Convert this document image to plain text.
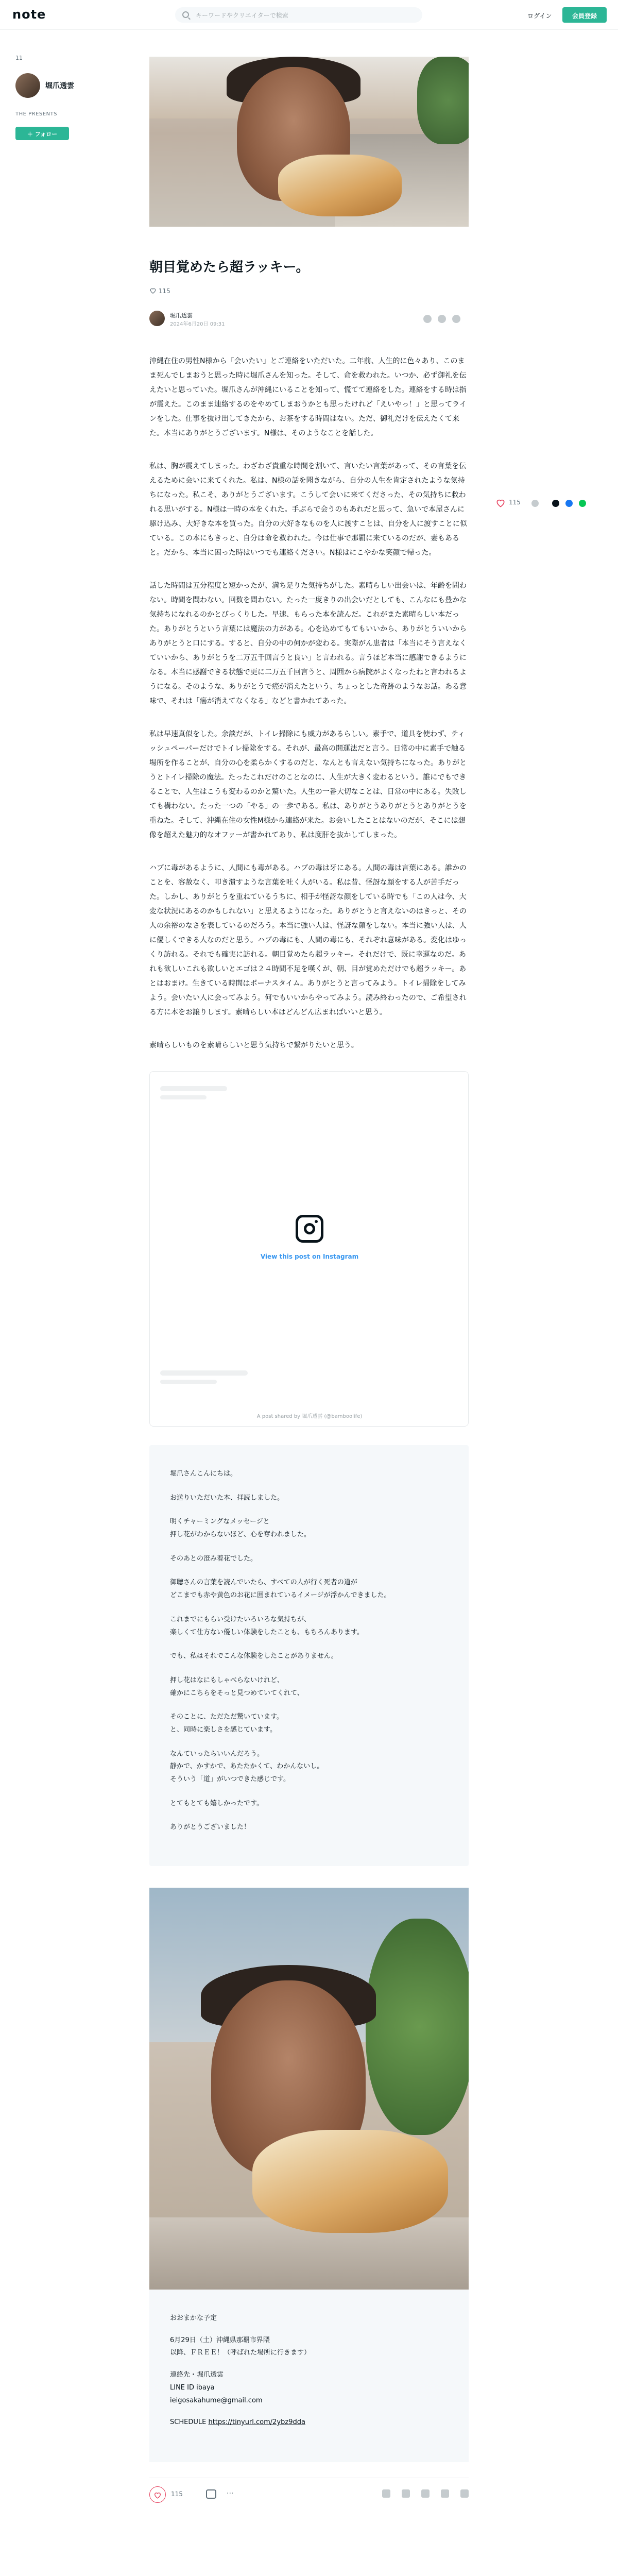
note	キーワードやクリエイターで検索	ログイン	会員登録
11
堀爪透雲
THE PRESENTS
＋ フォロー
115
朝目覚めたら超ラッキー。
115
堀爪透雲
2024年6月20日 09:31

沖縄在住の男性N様から「会いたい」とご連絡をいただいた。二年前、人生的に色々あり、このまま死んでしまおうと思った時に堀爪さんを知った。そして、命を救われた。いつか、必ず御礼を伝えたいと思っていた。堀爪さんが沖縄にいることを知って、慌てて連絡をした。連絡をする時は指が震えた。このまま連絡するのをやめてしまおうかとも思ったけれど「えいやっ！」と思ってラインをした。仕事を抜け出してきたから、お茶をする時間はない。ただ、御礼だけを伝えたくて来た。本当にありがとうございます。N様は、そのようなことを話した。

私は、胸が震えてしまった。わざわざ貴重な時間を割いて、言いたい言葉があって、その言葉を伝えるために会いに来てくれた。私は、N様の話を聞きながら、自分の人生を肯定されたような気持ちになった。私こそ、ありがとうございます。こうして会いに来てくださった、その気持ちに救われる思いがする。N様は一時の本をくれた。手ぶらで会うのもあれだと思って、急いで本屋さんに駆け込み、大好きな本を買った。自分の大好きなものを人に渡すことは、自分を人に渡すことに似ている。この本にもきっと、自分は命を救われた。今は仕事で那覇に来ているのだが、妻もあると。だから、本当に困った時はいつでも連絡ください。N様はにこやかな笑顔で帰った。

話した時間は五分程度と短かったが、満ち足りた気持ちがした。素晴らしい出会いは、年齢を問わない。時間を問わない。回数を問わない。たった一度きりの出会いだとしても、こんなにも豊かな気持ちになれるのかとびっくりした。早速、もらった本を読んだ。これがまた素晴らしい本だった。ありがとうという言葉には魔法の力がある。心を込めてもてもいいから、ありがとういいからありがとうと口にする。すると、自分の中の何かが変わる。実際がん患者は「本当にそう言えなくていいから、ありがとうを二万五千回言うと良い」と言われる。言うほど本当に感謝できるようになる。本当に感謝できる状態で更に二万五千回言うと、周囲から病院がよくなったねと言われるようになる。そのような、ありがとうで癌が消えたという、ちょっとした奇跡のようなお話。ある意味で、それは「癌が消えてなくなる」などと書かれてあった。

私は早速真似をした。余談だが、トイレ掃除にも威力があるらしい。素手で、道具を使わず、ティッシュペーパーだけでトイレ掃除をする。それが、最高の開運法だと言う。日常の中に素手で触る場所を作ることが、自分の心を柔らかくするのだと、なんとも言えない気持ちになった。ありがとうとトイレ掃除の魔法。たったこれだけのことなのに、人生が大きく変わるという。誰にでもできることで、人生はこうも変わるのかと驚いた。人生の一番大切なことは、日常の中にある。失敗しても構わない。たった一つの「やる」の一歩である。私は、ありがとうありがとうとありがとうを重ねた。そして、沖縄在住の女性M様から連絡が来た。お会いしたことはないのだが、そこには想像を超えた魅力的なオファーが書かれてあり、私は度肝を抜かしてしまった。

ハブに毒があるように、人間にも毒がある。ハブの毒は牙にある。人間の毒は言葉にある。誰かのことを、容赦なく、叩き潰すような言葉を吐く人がいる。私は昔、怪訝な顔をする人が苦手だった。しかし、ありがとうを重ねているうちに、相手が怪訝な顔をしている時でも「この人は今、大変な状況にあるのかもしれない」と思えるようになった。ありがとうと言えないのはきっと、その人の余裕のなさを表しているのだろう。本当に強い人は、怪訝な顔をしない。本当に強い人は、人に優しくできる人なのだと思う。ハブの毒にも、人間の毒にも、それぞれ意味がある。変化はゆっくり訪れる。それでも確実に訪れる。朝目覚めたら超ラッキー。それだけで、既に幸運なのだ。あれも欲しいこれも欲しいとエゴは２４時間不足を嘆くが、朝、目が覚めただけでも超ラッキー。あとはおまけ。生きている時間はボーナスタイム。ありがとうと言ってみよう。トイレ掃除をしてみよう。会いたい人に会ってみよう。何でもいいからやってみよう。読み終わったので、ご希望される方に本をお譲りします。素晴らしい本はどんどん広まればいいと思う。

素晴らしいものを素晴らしいと思う気持ちで繋がりたいと思う。

View this post on Instagram
A post shared by 堀爪透雲 (@bamboolife)

堀爪さんこんにちは。

お送りいただいた本、拝読しました。

明くチャーミングなメッセージと
押し花がわからないほど、心を奪われました。

そのあとの澄み着花でした。

御聴さんの言葉を読んでいたら、すべての人が行く死者の道が
どこまでも赤や黄色のお花に囲まれているイメージが浮かんできました。

これまでにもらい受けたいろいろな気持ちが、
楽しくて仕方ない優しい体験をしたことも、もちろんあります。

でも、私はそれでこんな体験をしたことがありません。

押し花はなにもしゃべらないけれど、
確かにこちらをそっと見つめていてくれて、

そのことに、ただただ驚いています。
と、同時に楽しさを感じています。

なんていったらいいんだろう。
静かで、かすかで、あたたかくて、わかんないし。
そういう「道」がいつできた感じです。

とてもとても嬉しかったです。

ありがとうございました！

おおまかな予定

6月29日（土）沖縄県那覇市界隈
以降、ＦＲＥＥ！（呼ばれた場所に行きます）

連絡先・堀爪透雲
LINE ID ibaya
ieigosakahume@gmail.com

SCHEDULE https://tinyurl.com/2ybz9dda

115	···
